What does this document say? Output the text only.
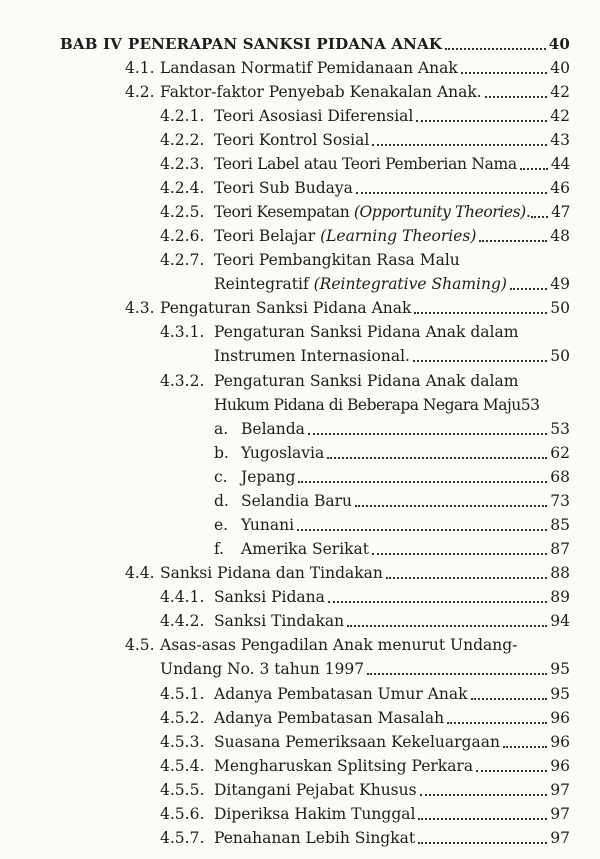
BAB IV PENERAPAN SANKSI PIDANA ANAK	40
4.1. Landasan Normatif Pemidanaan Anak	40
4.2. Faktor-faktor Penyebab Kenakalan Anak.	42
4.2.1. Teori Asosiasi Diferensial	42
4.2.2. Teori Kontrol Sosial	43
4.2.3. Teori Label atau Teori Pemberian Nama 44
4.2.4. Teori Sub Budaya	46
4.2.5. Teori Kesempatan
(Opportunity Theories) . 47
4.2.6. Teori Belajar
(Learning Theories)	48
4.2.7. Teori Pembangkitan Rasa Malu
Reintegratif
(Reintegrative Shaming)	49
4.3. Pengaturan Sanksi Pidana Anak	50
4.3.1. Pengaturan Sanksi Pidana Anak dalam
Instrumen Internasional.	50
4.3.2. Pengaturan Sanksi Pidana Anak dalam
Hukum Pidana di Beberapa Negara Maju 53
a. Belanda	53
b. Yugoslavia	62
c. Jepang	68
d. Selandia Baru	73
e. Yunani	85
f. Amerika Serikat	87
4.4. Sanksi Pidana dan Tindakan	88
4.4.1. Sanksi Pidana	89
4.4.2. Sanksi Tindakan	94
4.5. Asas-asas Pengadilan Anak menurut Undang-
Undang No. 3 tahun 1997	95
4.5.1. Adanya Pembatasan Umur Anak	95
4.5.2. Adanya Pembatasan Masalah	96
4.5.3. Suasana Pemeriksaan Kekeluargaan	96
4.5.4. Mengharuskan Splitsing Perkara	96
4.5.5. Ditangani Pejabat Khusus	97
4.5.6. Diperiksa Hakim Tunggal	97
4.5.7. Penahanan Lebih Singkat	97
